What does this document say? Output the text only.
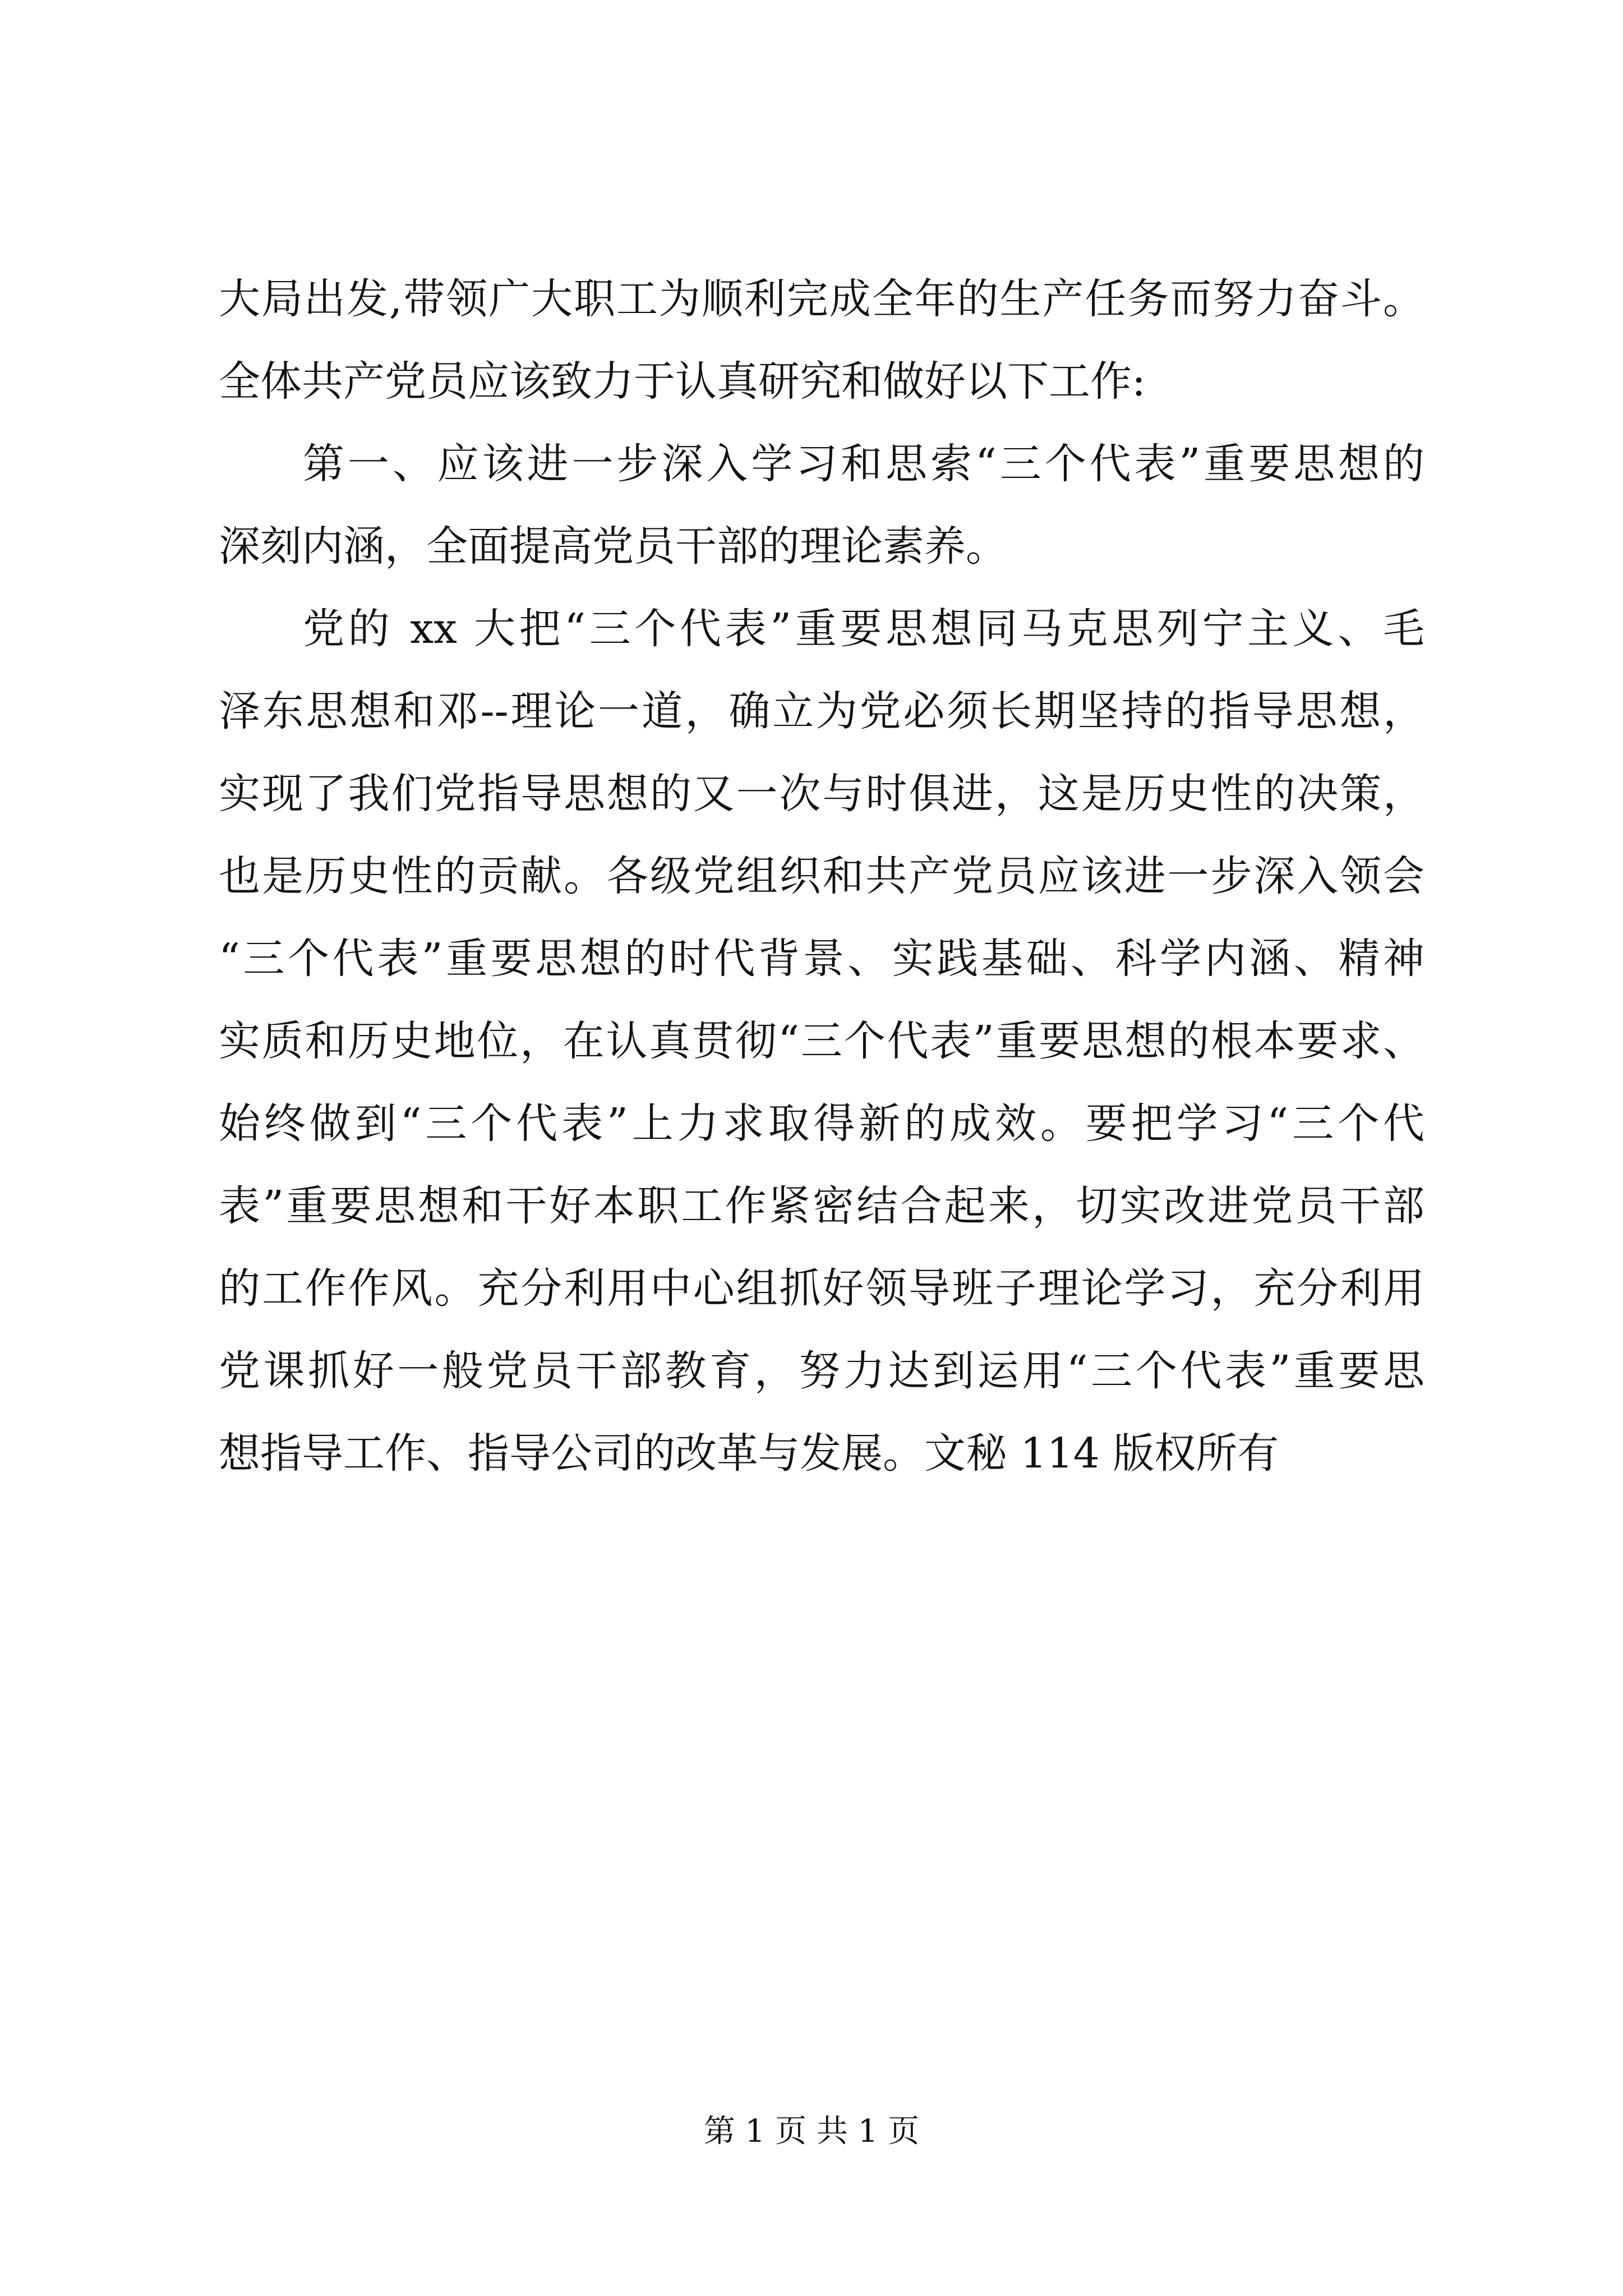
大局出发,带领广大职工为顺利完成全年的生产任务而努力奋斗。
全体共产党员应该致力于认真研究和做好以下工作:
第一、应该进一步深入学习和思索“三个代表”重要思想的
深刻内涵，全面提高党员干部的理论素养。
党的 xx 大把“三个代表”重要思想同马克思列宁主义、毛
泽东思想和邓--理论一道，确立为党必须长期坚持的指导思想，
实现了我们党指导思想的又一次与时俱进，这是历史性的决策，
也是历史性的贡献。各级党组织和共产党员应该进一步深入领会
“三个代表”重要思想的时代背景、实践基础、科学内涵、精神
实质和历史地位，在认真贯彻“三个代表”重要思想的根本要求、
始终做到“三个代表”上力求取得新的成效。要把学习“三个代
表”重要思想和干好本职工作紧密结合起来，切实改进党员干部
的工作作风。充分利用中心组抓好领导班子理论学习，充分利用
党课抓好一般党员干部教育，努力达到运用“三个代表”重要思
想指导工作、指导公司的改革与发展。文秘 114 版权所有
第 1 页 共 1 页
